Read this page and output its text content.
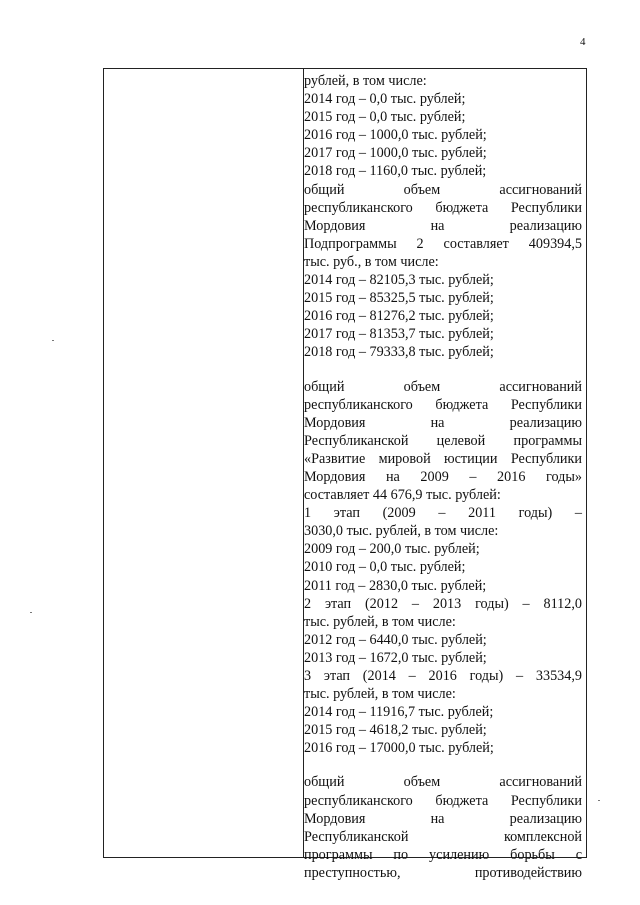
4

рублей, в том числе:

2014 год – 0,0 тыс. рублей;

2015 год – 0,0 тыс. рублей;

2016 год – 1000,0 тыс. рублей;

2017 год – 1000,0 тыс. рублей;

2018 год – 1160,0 тыс. рублей;

общий объем ассигнований

республиканского бюджета Республики

Мордовия на реализацию

Подпрограммы 2 составляет 409394,5

тыс. руб., в том числе:

2014 год – 82105,3 тыс. рублей;

2015 год – 85325,5 тыс. рублей;

2016 год – 81276,2 тыс. рублей;

2017 год – 81353,7 тыс. рублей;

2018 год – 79333,8 тыс. рублей;

общий объем ассигнований

республиканского бюджета Республики

Мордовия на реализацию

Республиканской целевой программы

«Развитие мировой юстиции Республики

Мордовия на 2009 – 2016 годы»

составляет 44 676,9 тыс. рублей:

1 этап (2009 – 2011 годы) –

3030,0 тыс. рублей, в том числе:

2009 год – 200,0 тыс. рублей;

2010 год – 0,0 тыс. рублей;

2011 год – 2830,0 тыс. рублей;

2 этап (2012 – 2013 годы) – 8112,0

тыс. рублей, в том числе:

2012 год – 6440,0 тыс. рублей;

2013 год – 1672,0 тыс. рублей;

3 этап (2014 – 2016 годы) – 33534,9

тыс. рублей, в том числе:

2014 год – 11916,7 тыс. рублей;

2015 год – 4618,2 тыс. рублей;

2016 год – 17000,0 тыс. рублей;

общий объем ассигнований

республиканского бюджета Республики

Мордовия на реализацию

Республиканской комплексной

программы по усилению борьбы с

преступностью, противодействию
